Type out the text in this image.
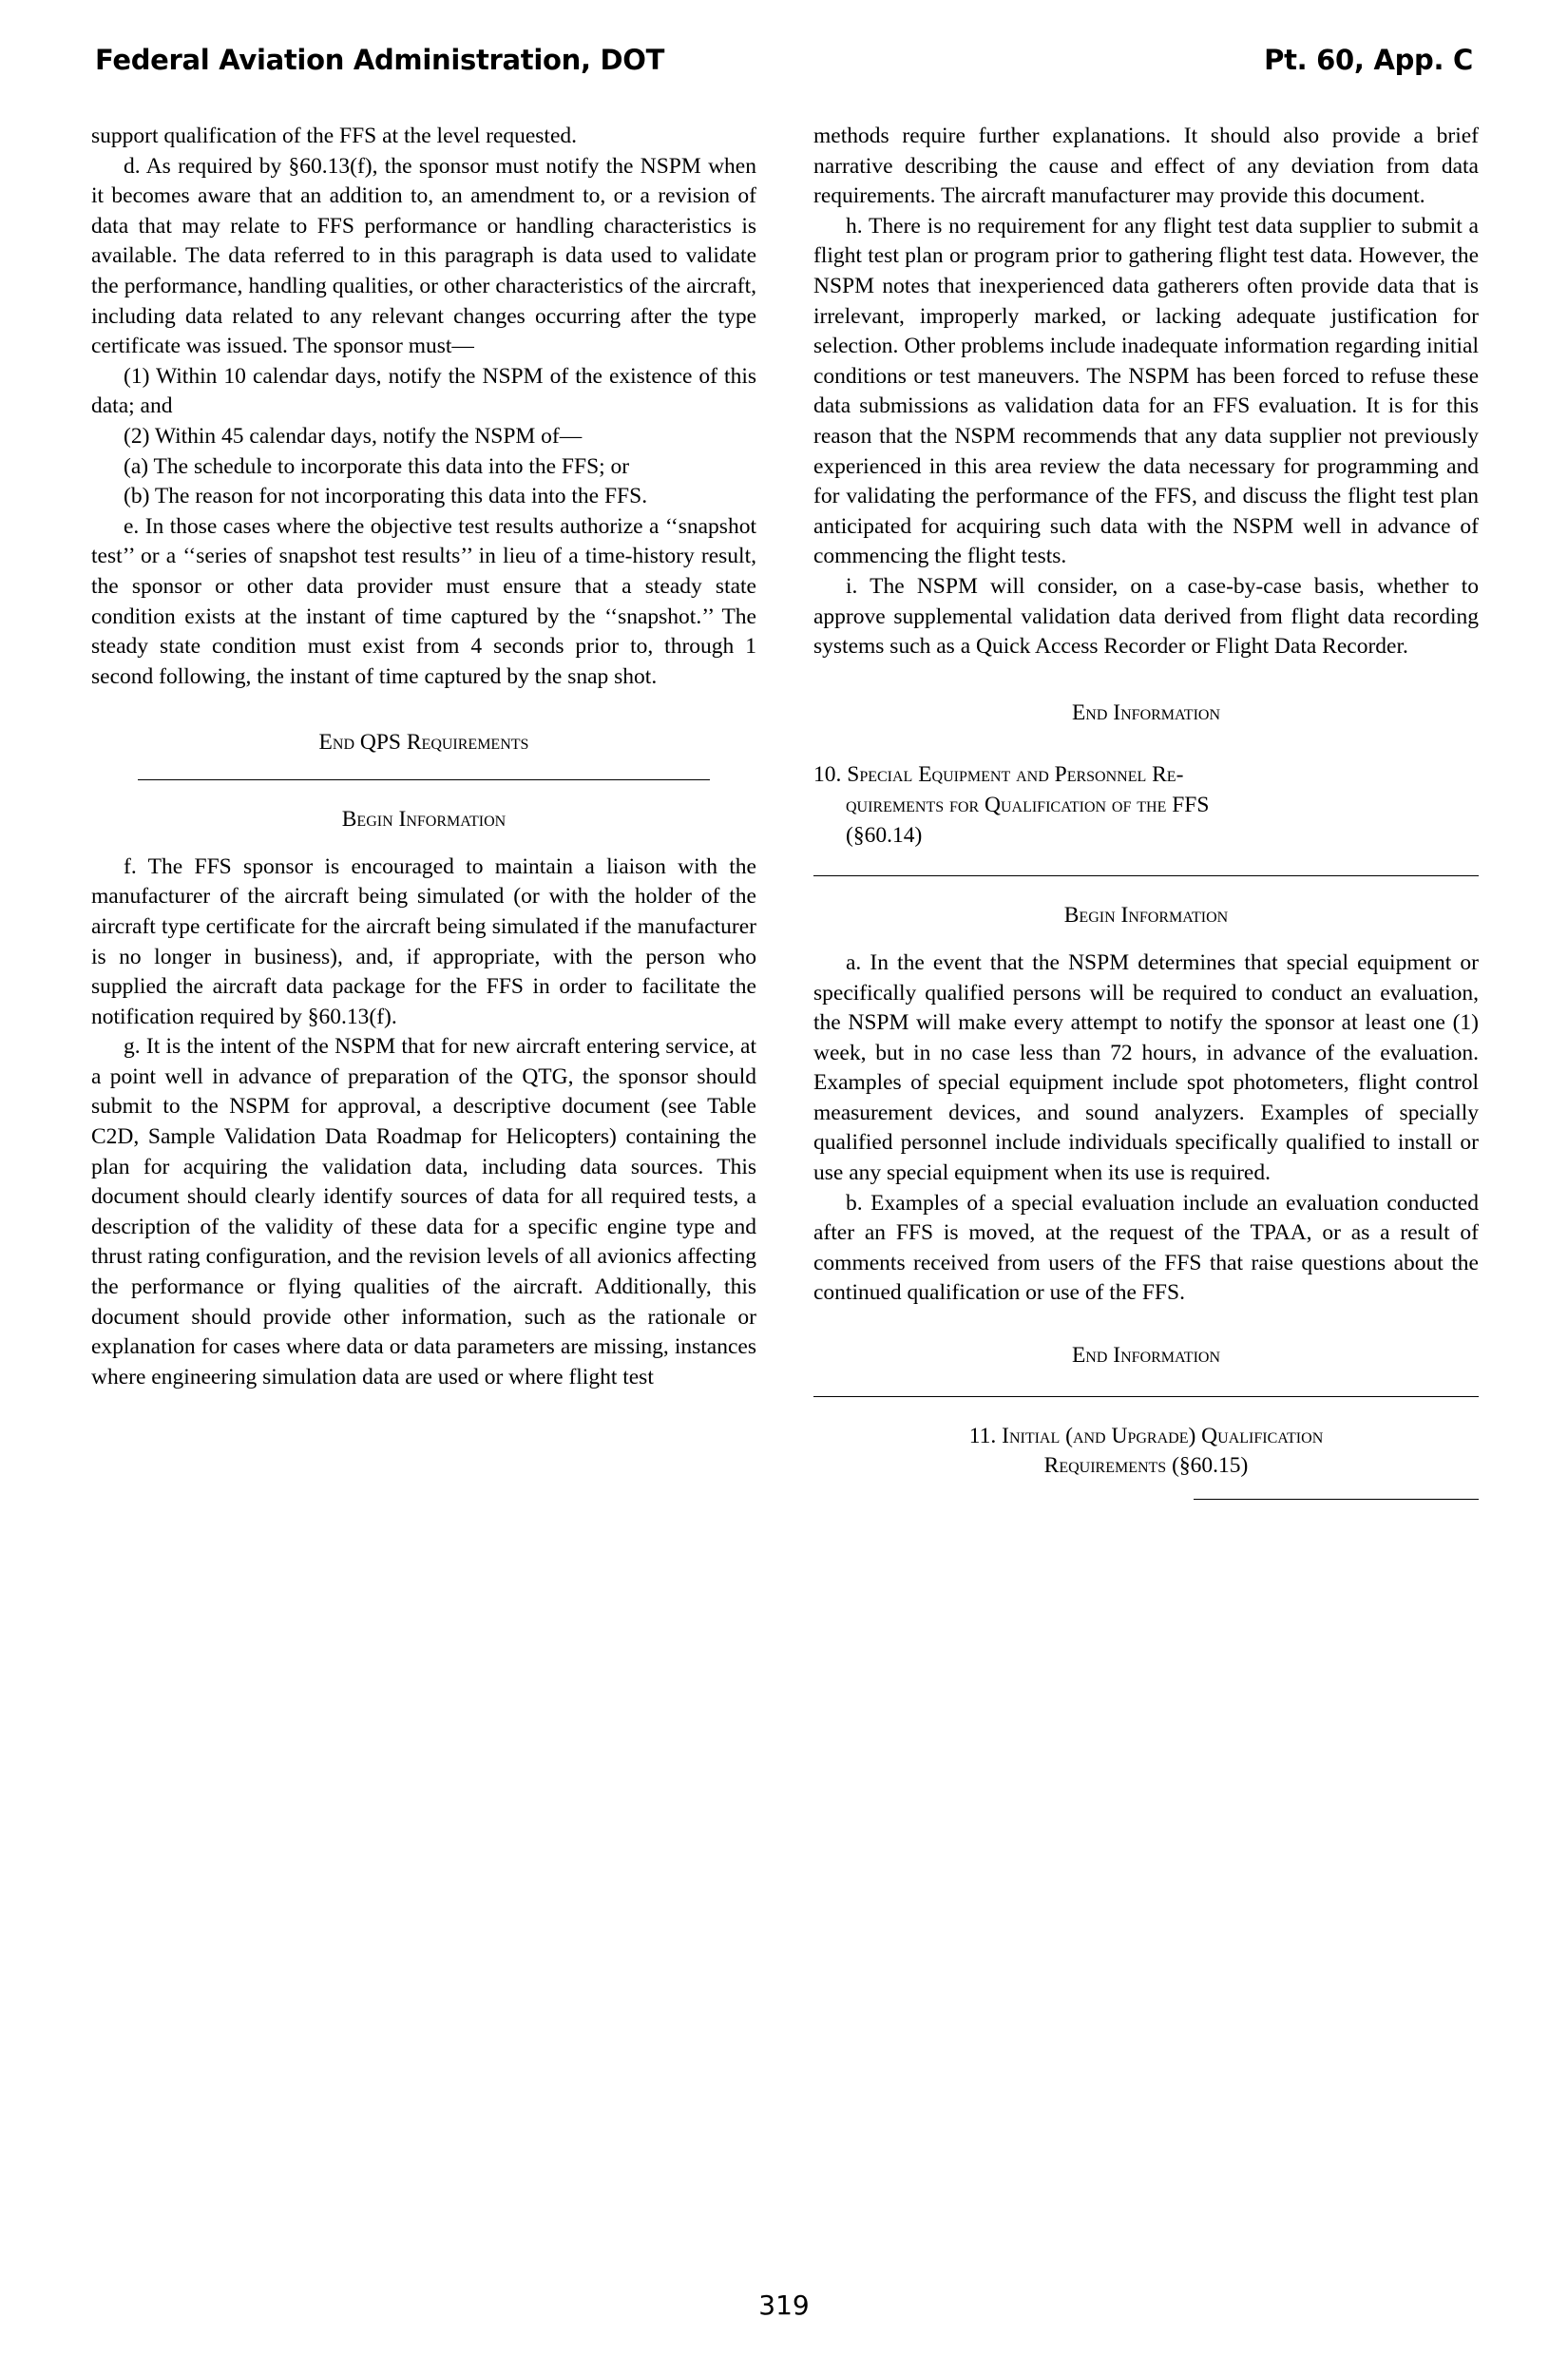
Federal Aviation Administration, DOT	Pt. 60, App. C

support qualification of the FFS at the level requested.

d. As required by §60.13(f), the sponsor must notify the NSPM when it becomes aware that an addition to, an amendment to, or a revision of data that may relate to FFS performance or handling characteristics is available. The data referred to in this paragraph is data used to validate the performance, handling qualities, or other characteristics of the aircraft, including data related to any relevant changes occurring after the type certificate was issued. The sponsor must—

(1) Within 10 calendar days, notify the NSPM of the existence of this data; and

(2) Within 45 calendar days, notify the NSPM of—

(a) The schedule to incorporate this data into the FFS; or

(b) The reason for not incorporating this data into the FFS.

e. In those cases where the objective test results authorize a ‘‘snapshot test’’ or a ‘‘series of snapshot test results’’ in lieu of a time-history result, the sponsor or other data provider must ensure that a steady state condition exists at the instant of time captured by the ‘‘snapshot.’’ The steady state condition must exist from 4 seconds prior to, through 1 second following, the instant of time captured by the snap shot.

End QPS Requirements
Begin Information

f. The FFS sponsor is encouraged to maintain a liaison with the manufacturer of the aircraft being simulated (or with the holder of the aircraft type certificate for the aircraft being simulated if the manufacturer is no longer in business), and, if appropriate, with the person who supplied the aircraft data package for the FFS in order to facilitate the notification required by §60.13(f).

g. It is the intent of the NSPM that for new aircraft entering service, at a point well in advance of preparation of the QTG, the sponsor should submit to the NSPM for approval, a descriptive document (see Table C2D, Sample Validation Data Roadmap for Helicopters) containing the plan for acquiring the validation data, including data sources. This document should clearly identify sources of data for all required tests, a description of the validity of these data for a specific engine type and thrust rating configuration, and the revision levels of all avionics affecting the performance or flying qualities of the aircraft. Additionally, this document should provide other information, such as the rationale or explanation for cases where data or data parameters are missing, instances where engineering simulation data are used or where flight test

methods require further explanations. It should also provide a brief narrative describing the cause and effect of any deviation from data requirements. The aircraft manufacturer may provide this document.

h. There is no requirement for any flight test data supplier to submit a flight test plan or program prior to gathering flight test data. However, the NSPM notes that inexperienced data gatherers often provide data that is irrelevant, improperly marked, or lacking adequate justification for selection. Other problems include inadequate information regarding initial conditions or test maneuvers. The NSPM has been forced to refuse these data submissions as validation data for an FFS evaluation. It is for this reason that the NSPM recommends that any data supplier not previously experienced in this area review the data necessary for programming and for validating the performance of the FFS, and discuss the flight test plan anticipated for acquiring such data with the NSPM well in advance of commencing the flight tests.

i. The NSPM will consider, on a case-by-case basis, whether to approve supplemental validation data derived from flight data recording systems such as a Quick Access Recorder or Flight Data Recorder.

End Information

10. Special Equipment and Personnel Re-

quirements for Qualification of the FFS

(§60.14)

Begin Information

a. In the event that the NSPM determines that special equipment or specifically qualified persons will be required to conduct an evaluation, the NSPM will make every attempt to notify the sponsor at least one (1) week, but in no case less than 72 hours, in advance of the evaluation. Examples of special equipment include spot photometers, flight control measurement devices, and sound analyzers. Examples of specially qualified personnel include individuals specifically qualified to install or use any special equipment when its use is required.

b. Examples of a special evaluation include an evaluation conducted after an FFS is moved, at the request of the TPAA, or as a result of comments received from users of the FFS that raise questions about the continued qualification or use of the FFS.

End Information
11. Initial (and Upgrade) Qualification
Requirements (§60.15)
319
